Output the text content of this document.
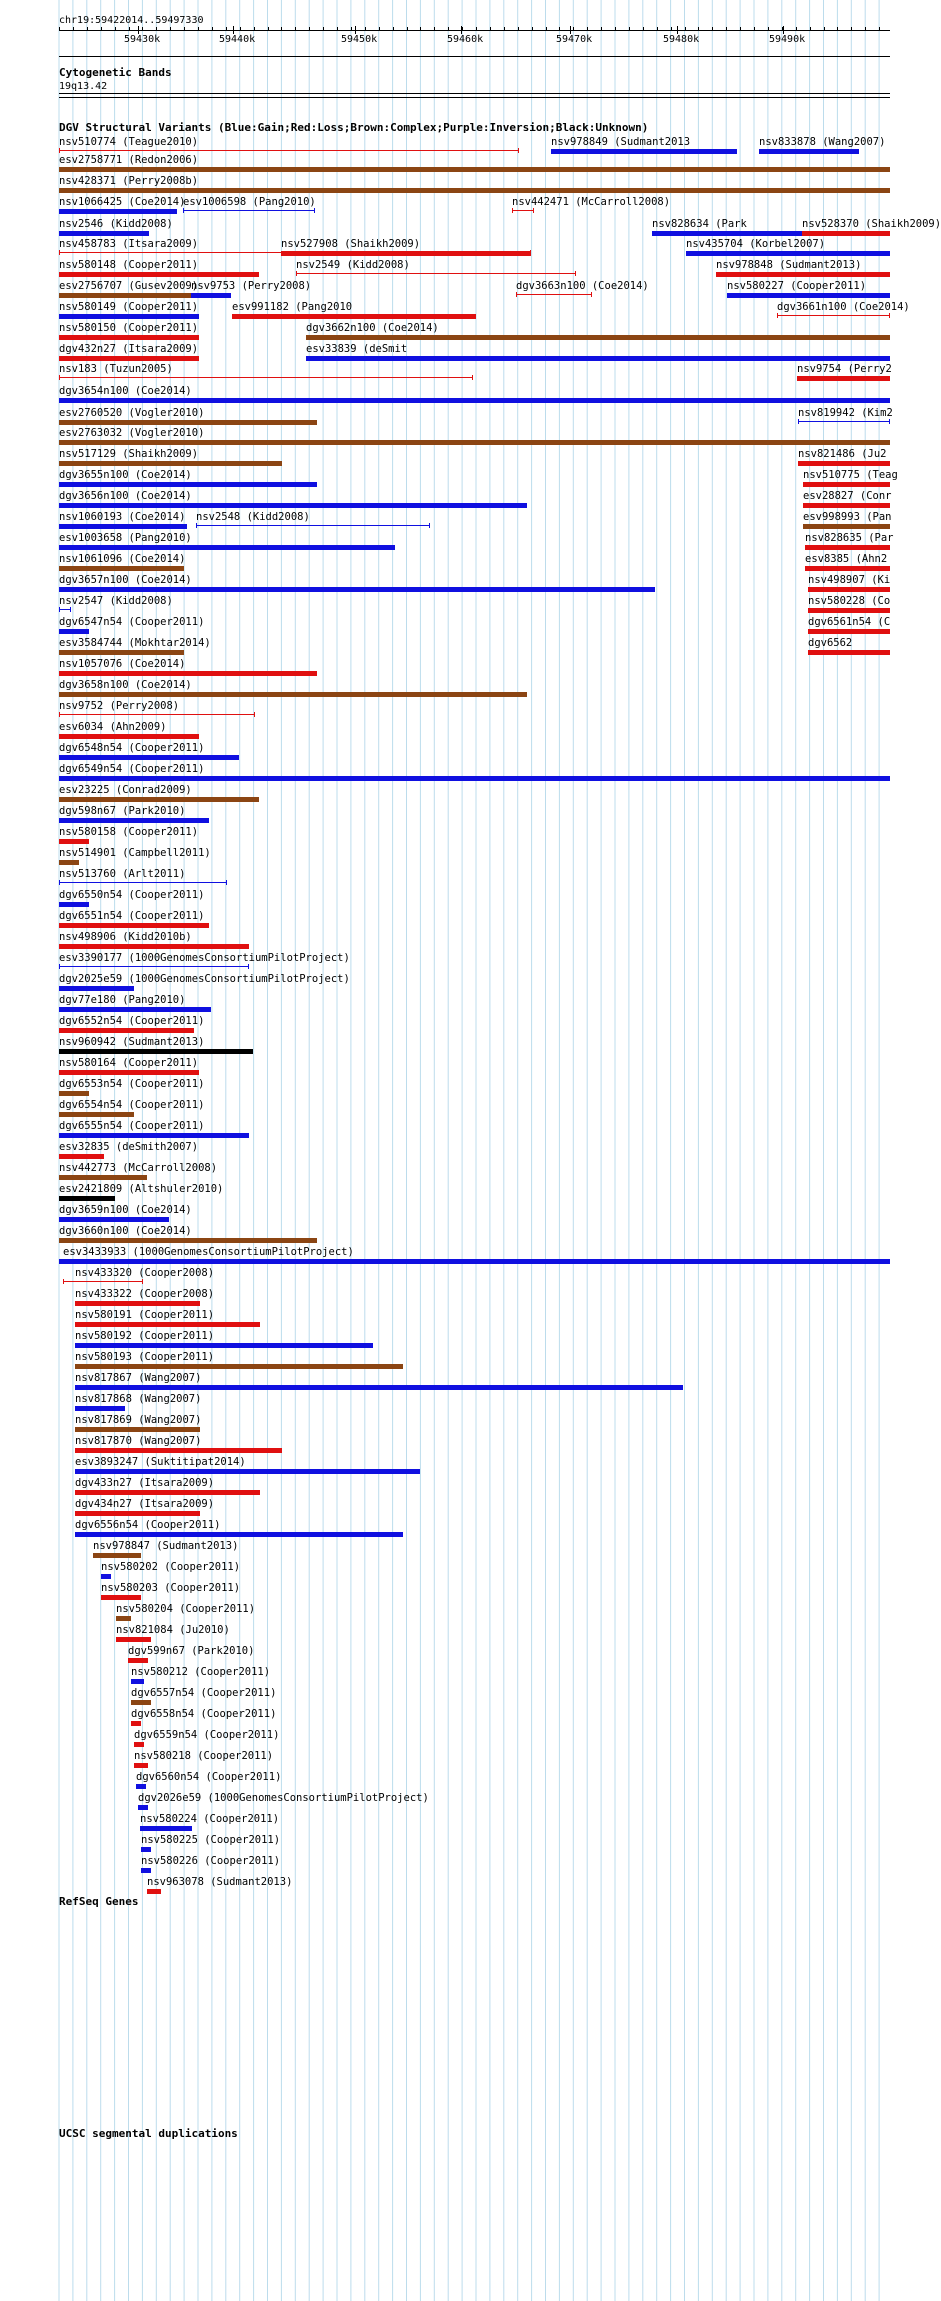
chr19:59422014..59497330
59430k	59440k	59450k	59460k	59470k	59480k	59490k
Cytogenetic Bands
19q13.42
DGV Structural Variants (Blue:Gain;Red:Loss;Brown:Complex;Purple:Inversion;Black:Unknown)
nsv510774 (Teague2010)
esv2758771 (Redon2006)
nsv428371 (Perry2008b)
nsv1066425 (Coe2014)
esv1006598 (Pang2010)
nsv2546 (Kidd2008)
nsv458783 (Itsara2009)
nsv580148 (Cooper2011)
esv2756707 (Gusev2009)
nsv580149 (Cooper2011)
nsv580150 (Cooper2011)
dgv432n27 (Itsara2009)
nsv183 (Tuzun2005)
dgv3654n100 (Coe2014)
esv2760520 (Vogler2010)
esv2763032 (Vogler2010)
nsv517129 (Shaikh2009)
dgv3655n100 (Coe2014)
dgv3656n100 (Coe2014)
nsv1060193 (Coe2014) nsv2548 (Kidd2008)
esv1003658 (Pang2010)
nsv1061096 (Coe2014)
dgv3657n100 (Coe2014)
nsv2547 (Kidd2008)
dgv6547n54 (Cooper2011)
esv3584744 (Mokhtar2014)
nsv1057076 (Coe2014)
dgv3658n100 (Coe2014)
nsv9752 (Perry2008)
esv6034 (Ahn2009)
dgv6548n54 (Cooper2011)
dgv6549n54 (Cooper2011)
esv23225 (Conrad2009)
dgv598n67 (Park2010)
nsv580158 (Cooper2011)
nsv514901 (Campbell2011)
nsv513760 (Arlt2011)
dgv6550n54 (Cooper2011)
dgv6551n54 (Cooper2011)
nsv498906 (Kidd2010b)
esv3390177 (1000GenomesConsortiumPilotProject)
dgv2025e59 (1000GenomesConsortiumPilotProject)
dgv77e180 (Pang2010)
dgv6552n54 (Cooper2011)
nsv960942 (Sudmant2013)
nsv580164 (Cooper2011)
dgv6553n54 (Cooper2011)
dgv6554n54 (Cooper2011)
dgv6555n54 (Cooper2011)
esv32835 (deSmith2007)
nsv442773 (McCarroll2008)
esv2421809 (Altshuler2010)
dgv3659n100 (Coe2014)
dgv3660n100 (Coe2014)
esv3433933 (1000GenomesConsortiumPilotProject)
nsv433320 (Cooper2008)
nsv433322 (Cooper2008)
nsv580191 (Cooper2011)
nsv580192 (Cooper2011)
nsv580193 (Cooper2011)
nsv817867 (Wang2007)
nsv817868 (Wang2007)
nsv817869 (Wang2007)
nsv817870 (Wang2007)
esv3893247 (Suktitipat2014)
dgv433n27 (Itsara2009)
dgv434n27 (Itsara2009)
dgv6556n54 (Cooper2011)
nsv978847 (Sudmant2013)
nsv580202 (Cooper2011)
nsv580203 (Cooper2011)
nsv580204 (Cooper2011)
nsv821084 (Ju2010)
dgv599n67 (Park2010)
nsv580212 (Cooper2011)
dgv6557n54 (Cooper2011)
dgv6558n54 (Cooper2011)
dgv6559n54 (Cooper2011)
nsv580218 (Cooper2011)
dgv6560n54 (Cooper2011)
dgv2026e59 (1000GenomesConsortiumPilotProject)
nsv580224 (Cooper2011)
nsv580225 (Cooper2011)
nsv580226 (Cooper2011)
nsv963078 (Sudmant2013)
nsv978849 (Sudmant2013	nsv833878 (Wang2007)
nsv442471 (McCarroll2008)
nsv828634 (Park	nsv528370 (Shaikh2009)
nsv527908 (Shaikh2009)	nsv435704 (Korbel2007)
nsv2549 (Kidd2008)	nsv978848 (Sudmant2013)
nsv9753 (Perry2008)	dgv3663n100 (Coe2014)	nsv580227 (Cooper2011)
esv991182 (Pang2010	dgv3661n100 (Coe2014)
dgv3662n100 (Coe2014)
esv33839 (deSmit
nsv9754 (Perry2
nsv819942 (Kim2
nsv821486 (Ju2
nsv510775 (Teag
esv28827 (Conr
esv998993 (Pan
nsv828635 (Par
esv8385 (Ahn2
nsv498907 (Ki
nsv580228 (Co
dgv6561n54 (C
dgv6562
RefSeq Genes
UCSC segmental duplications
